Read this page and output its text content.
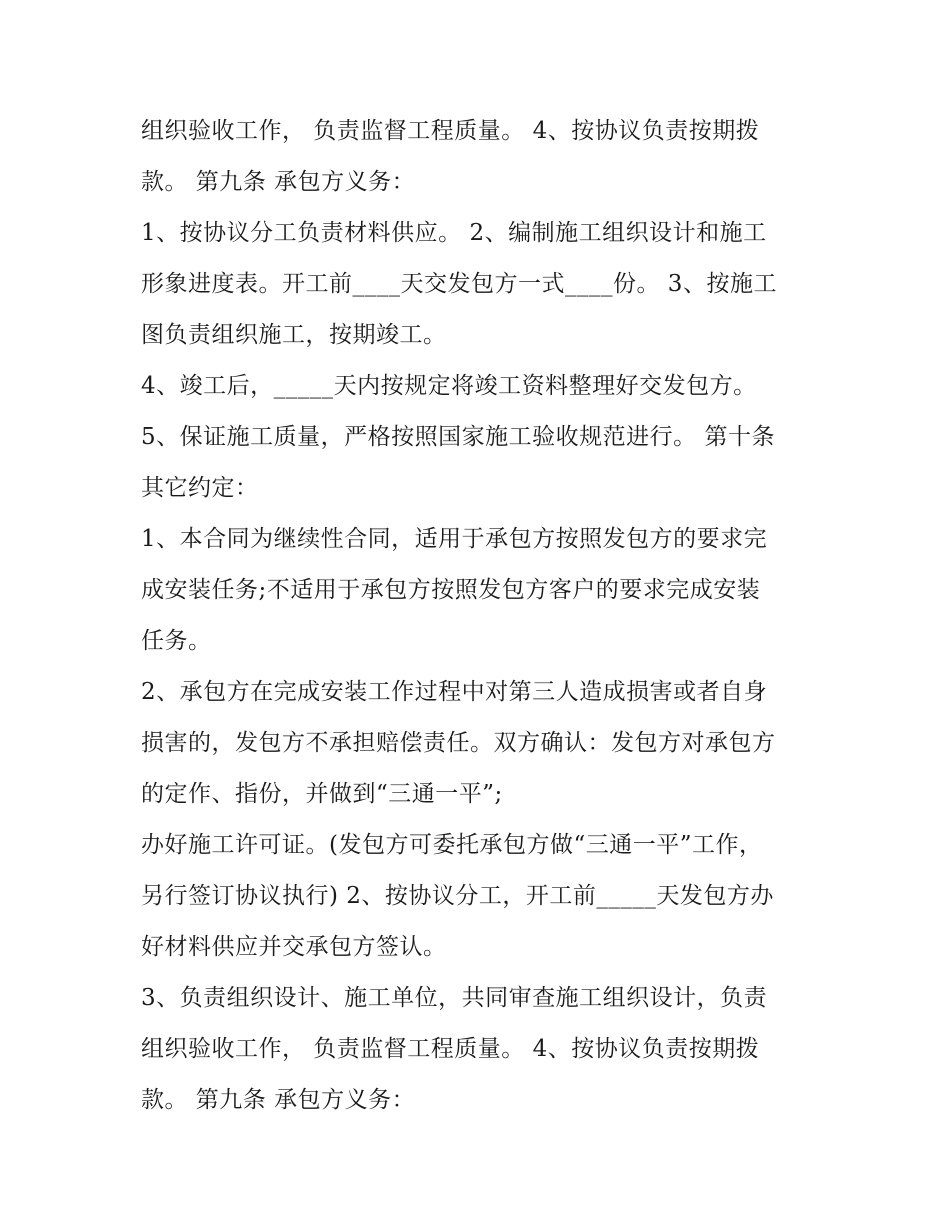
组织验收工作， 负责监督工程质量。 4、按协议负责按期拨
款。 第九条 承包方义务：
1、按协议分工负责材料供应。 2、编制施工组织设计和施工
形象进度表。开工前____天交发包方一式____份。 3、按施工
图负责组织施工，按期竣工。
4、竣工后，_____天内按规定将竣工资料整理好交发包方。
5、保证施工质量，严格按照国家施工验收规范进行。 第十条
其它约定：
1、本合同为继续性合同，适用于承包方按照发包方的要求完
成安装任务;不适用于承包方按照发包方客户的要求完成安装
任务。
2、承包方在完成安装工作过程中对第三人造成损害或者自身
损害的，发包方不承担赔偿责任。双方确认：发包方对承包方
的定作、指份，并做到“三通一平”;
办好施工许可证。(发包方可委托承包方做“三通一平”工作，
另行签订协议执行) 2、按协议分工，开工前_____天发包方办
好材料供应并交承包方签认。
3、负责组织设计、施工单位，共同审查施工组织设计，负责
组织验收工作， 负责监督工程质量。 4、按协议负责按期拨
款。 第九条 承包方义务：
